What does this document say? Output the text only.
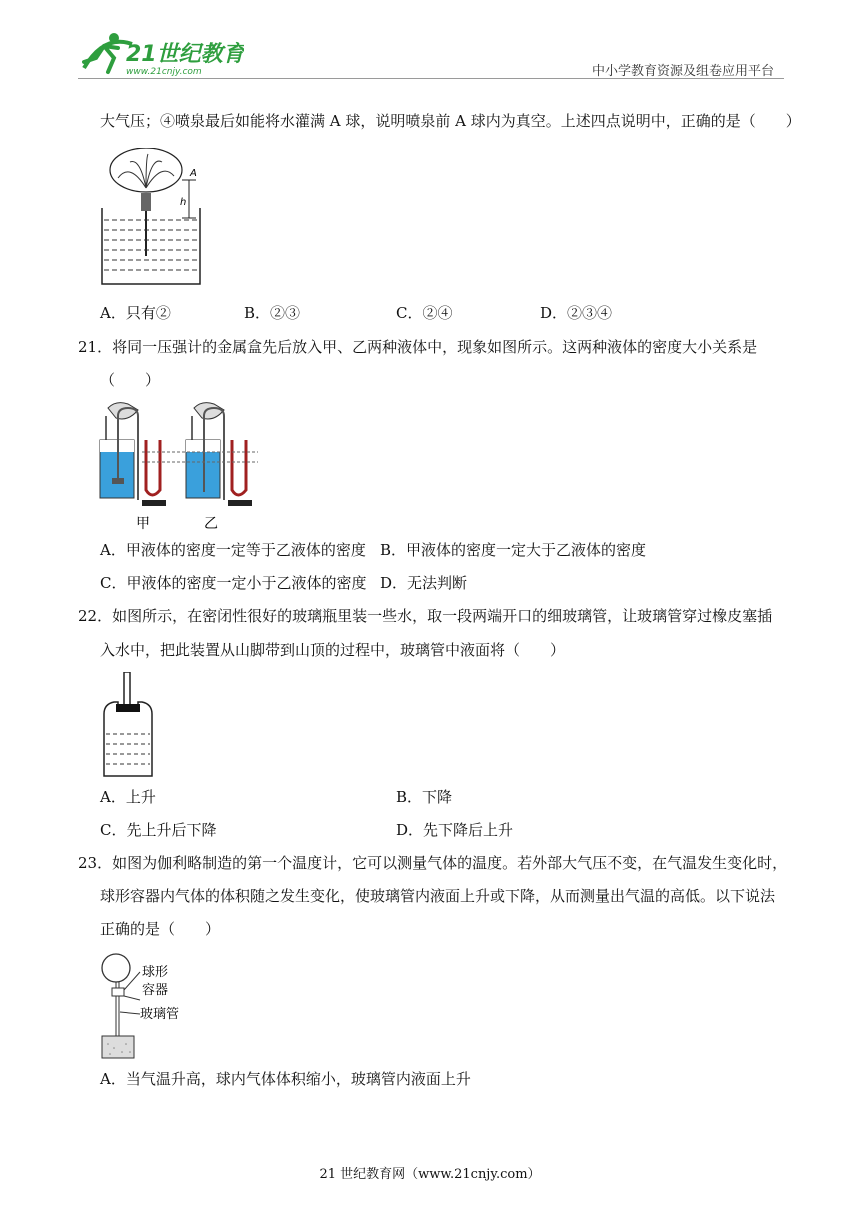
21世纪教育
www.21cnjy.com	中小学教育资源及组卷应用平台
大气压；④喷泉最后如能将水灌满 A 球，说明喷泉前 A 球内为真空。上述四点说明中，正确的是（　　）
A
h
A．只有②	B．②③	C．②④	D．②③④
21．将同一压强计的金属盒先后放入甲、乙两种液体中，现象如图所示。这两种液体的密度大小关系是
（　　）
甲	乙
A．甲液体的密度一定等于乙液体的密度 B．甲液体的密度一定大于乙液体的密度
C．甲液体的密度一定小于乙液体的密度 D．无法判断
22．如图所示，在密闭性很好的玻璃瓶里装一些水，取一段两端开口的细玻璃管，让玻璃管穿过橡皮塞插
入水中，把此装置从山脚带到山顶的过程中，玻璃管中液面将（　　）
A．上升	B．下降
C．先上升后下降	D．先下降后上升
23．如图为伽利略制造的第一个温度计，它可以测量气体的温度。若外部大气压不变，在气温发生变化时，
球形容器内气体的体积随之发生变化，使玻璃管内液面上升或下降，从而测量出气温的高低。以下说法
正确的是（　　）
球形
容器
玻璃管
A．当气温升高，球内气体体积缩小，玻璃管内液面上升
21 世纪教育网（www.21cnjy.com）
